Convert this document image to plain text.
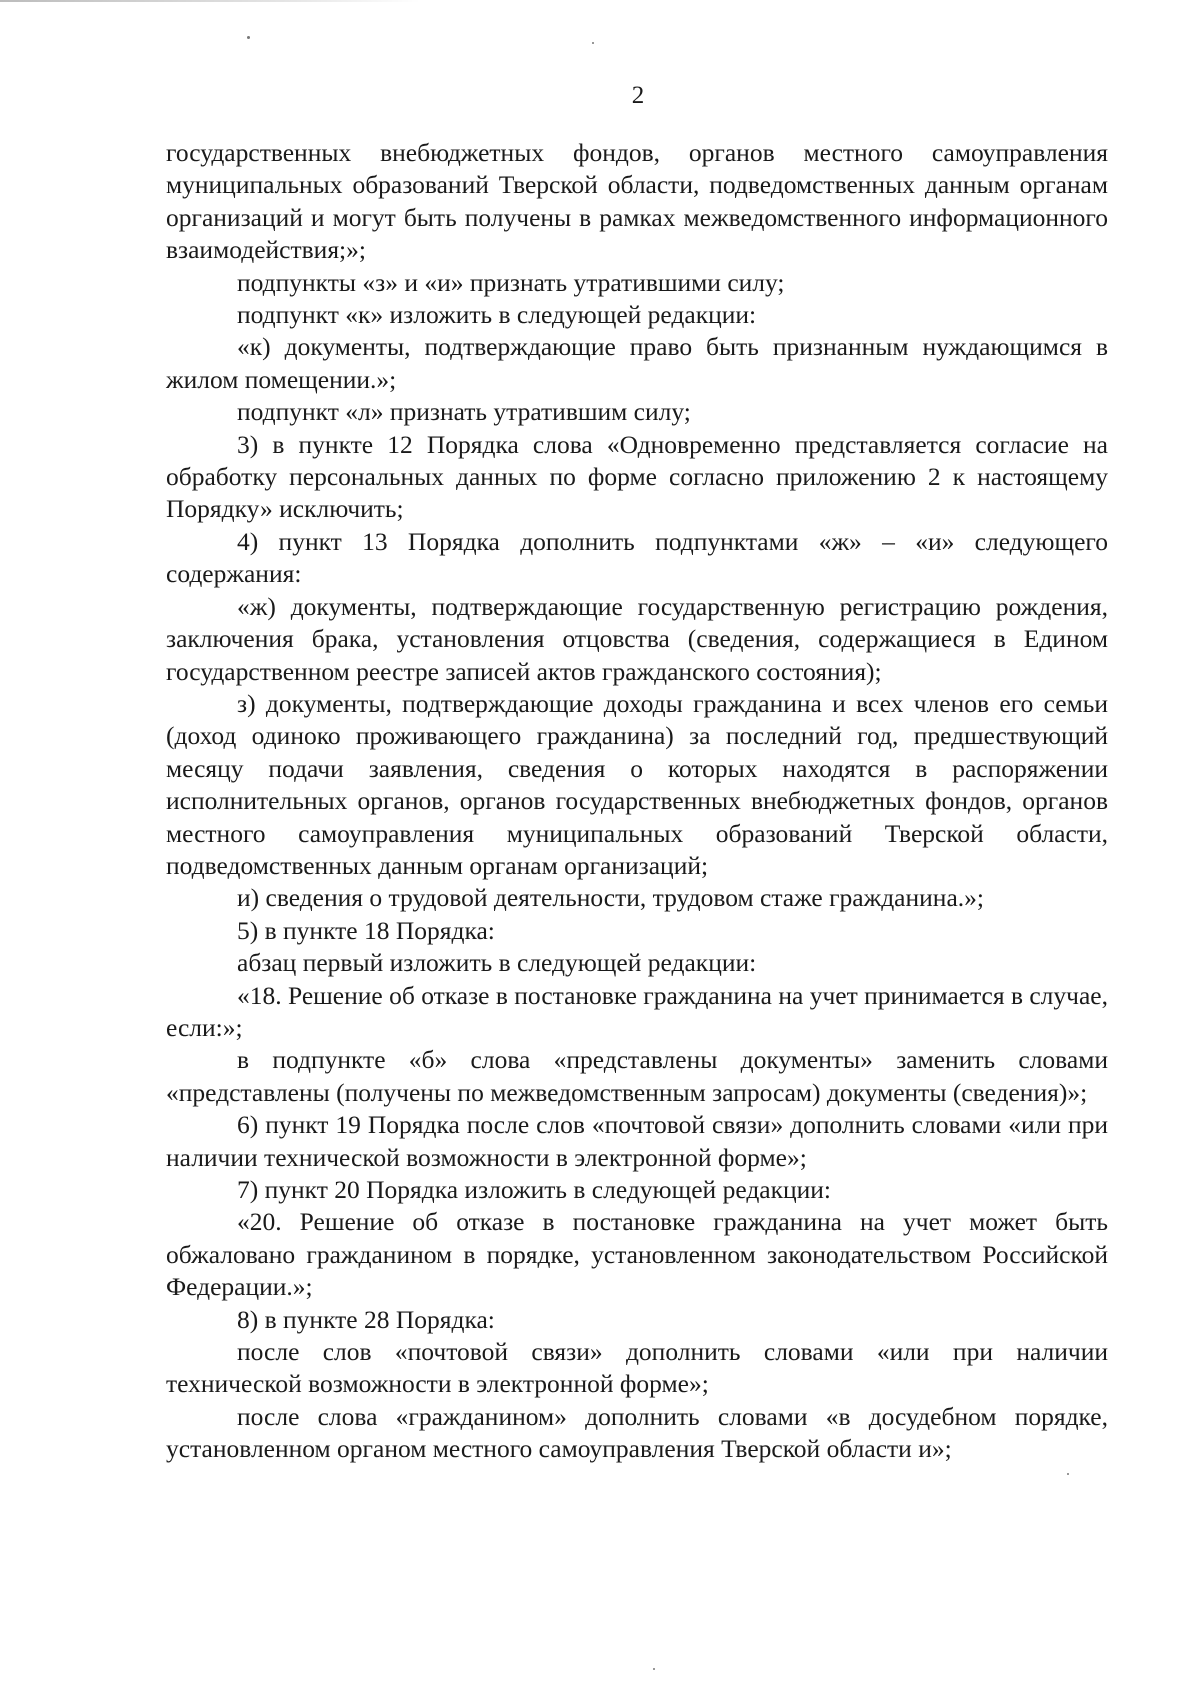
2

государственных внебюджетных фондов, органов местного самоуправления муниципальных образований Тверской области, подведомственных данным органам организаций и могут быть получены в рамках межведомственного информационного взаимодействия;»;

подпункты «з» и «и» признать утратившими силу;

подпункт «к» изложить в следующей редакции:

«к) документы, подтверждающие право быть признанным нуждающимся в жилом помещении.»;

подпункт «л» признать утратившим силу;

3) в пункте 12 Порядка слова «Одновременно представляется согласие на обработку персональных данных по форме согласно приложению 2 к настоящему Порядку» исключить;

4) пункт 13 Порядка дополнить подпунктами «ж» – «и» следующего содержания:

«ж) документы, подтверждающие государственную регистрацию рождения, заключения брака, установления отцовства (сведения, содержащиеся в Едином государственном реестре записей актов гражданского состояния);

з) документы, подтверждающие доходы гражданина и всех членов его семьи (доход одиноко проживающего гражданина) за последний год, предшествующий месяцу подачи заявления, сведения о которых находятся в распоряжении исполнительных органов, органов государственных внебюджетных фондов, органов местного самоуправления муниципальных образований Тверской области, подведомственных данным органам организаций;

и) сведения о трудовой деятельности, трудовом стаже гражданина.»;

5) в пункте 18 Порядка:

абзац первый изложить в следующей редакции:

«18. Решение об отказе в постановке гражданина на учет принимается в случае, если:»;

в подпункте «б» слова «представлены документы» заменить словами «представлены (получены по межведомственным запросам) документы (сведения)»;

6) пункт 19 Порядка после слов «почтовой связи» дополнить словами «или при наличии технической возможности в электронной форме»;

7) пункт 20 Порядка изложить в следующей редакции:

«20. Решение об отказе в постановке гражданина на учет может быть обжаловано гражданином в порядке, установленном законодательством Российской Федерации.»;

8) в пункте 28 Порядка:

после слов «почтовой связи» дополнить словами «или при наличии технической возможности в электронной форме»;

после слова «гражданином» дополнить словами «в досудебном порядке, установленном органом местного самоуправления Тверской области и»;
